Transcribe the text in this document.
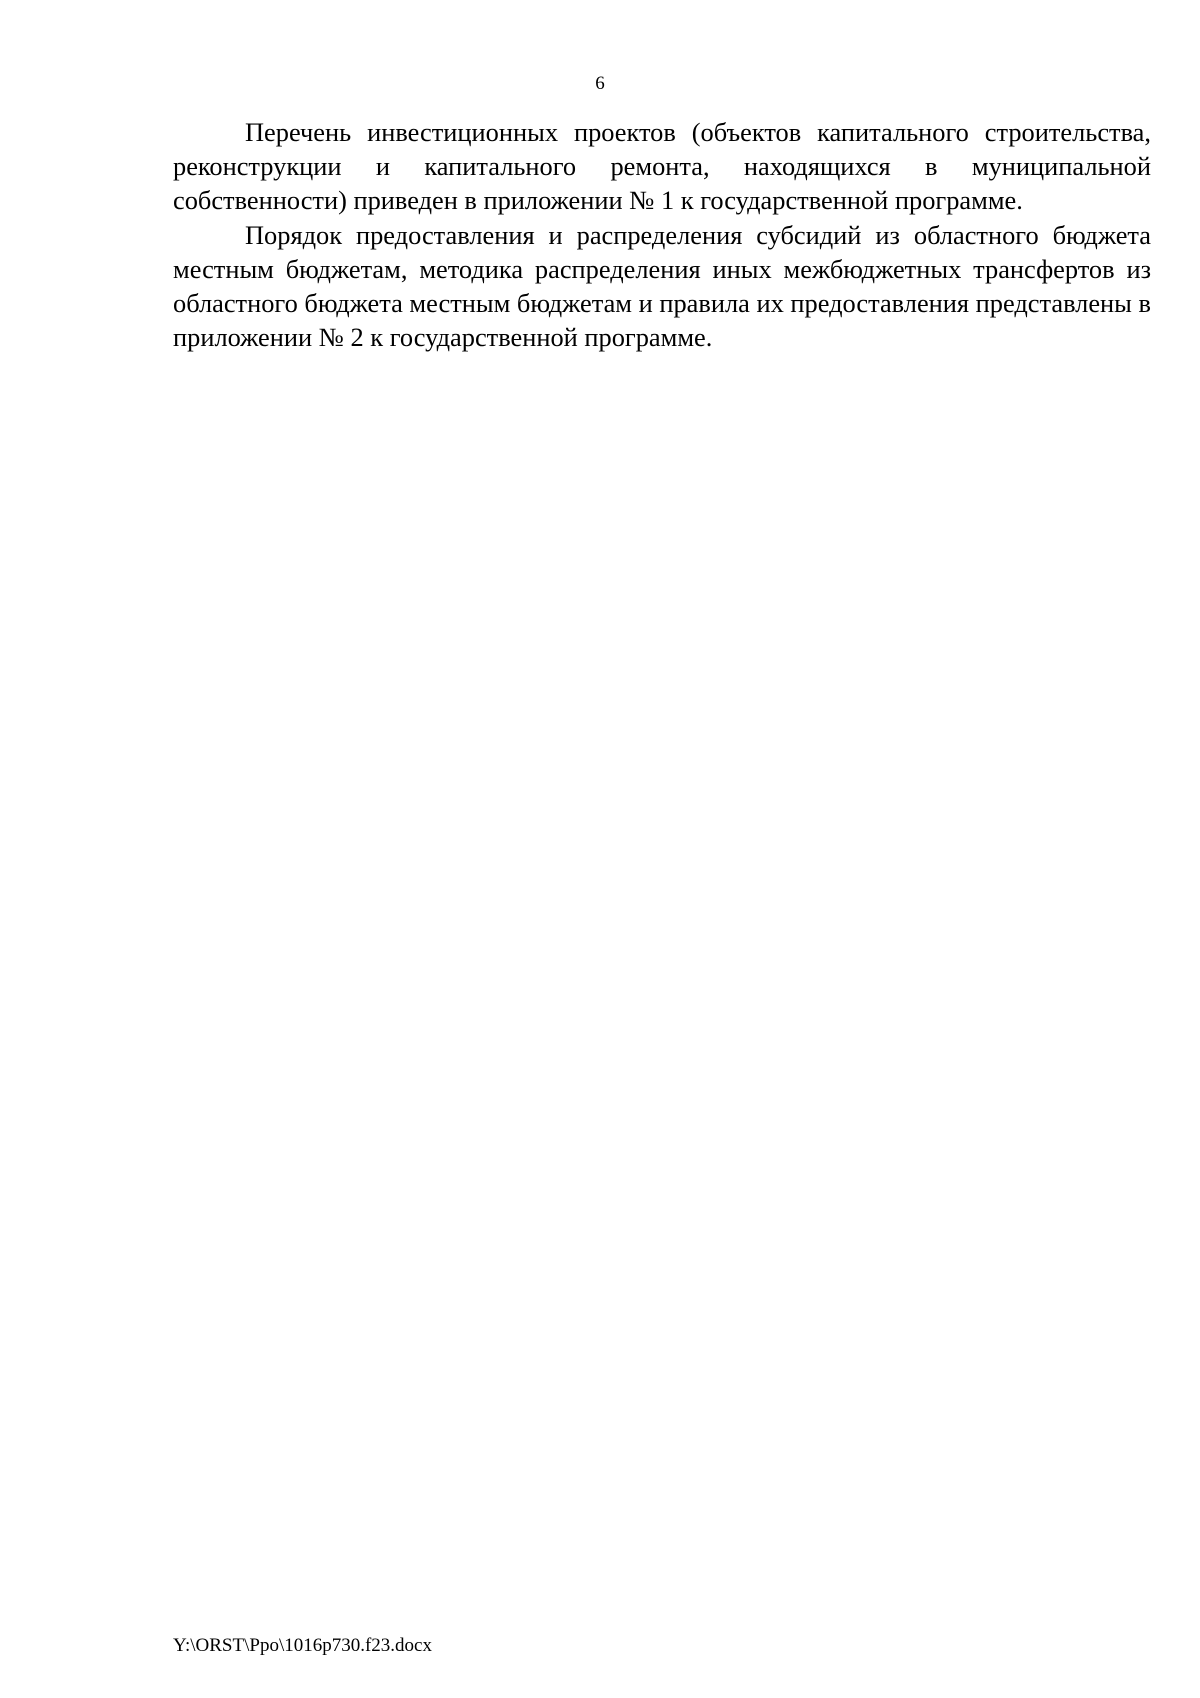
6

Перечень инвестиционных проектов (объектов капитального строительства, реконструкции и капитального ремонта, находящихся в муниципальной собственности) приведен в приложении № 1 к государственной программе.

Порядок предоставления и распределения субсидий из областного бюджета местным бюджетам, методика распределения иных межбюджетных трансфертов из областного бюджета местным бюджетам и правила их предоставления представлены в приложении № 2 к государственной программе.

Y:\ORST\Ppo\1016p730.f23.docx
